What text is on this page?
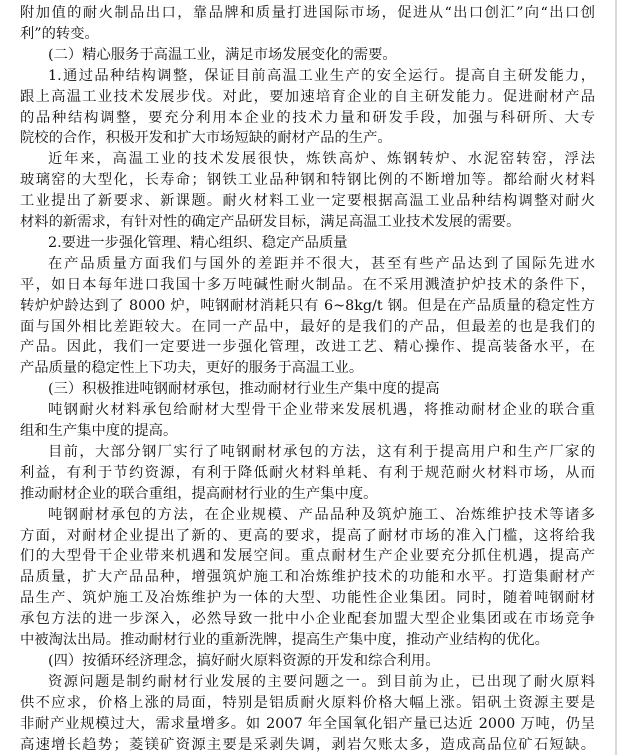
附加值的耐火制品出口，靠品牌和质量打进国际市场，促进从“出口创汇”向“出口创
利”的转变。
(二）精心服务于高温工业，满足市场发展变化的需要。
1.通过品种结构调整，保证目前高温工业生产的安全运行。提高自主研发能力，
跟上高温工业技术发展步伐。对此，要加速培育企业的自主研发能力。促进耐材产品
的品种结构调整，要充分利用本企业的技术力量和研发手段，加强与科研所、大专
院校的合作，积极开发和扩大市场短缺的耐材产品的生产。
近年来，高温工业的技术发展很快，炼铁高炉、炼钢转炉、水泥窑转窑，浮法
玻璃窑的大型化，长寿命；钢铁工业品种钢和特钢比例的不断增加等。都给耐火材料
工业提出了新要求、新课题。耐火材料工业一定要根据高温工业品种结构调整对耐火
材料的新需求，有针对性的确定产品研发目标，满足高温工业技术发展的需要。
2.要进一步强化管理、精心组织、稳定产品质量
在产品质量方面我们与国外的差距并不很大，甚至有些产品达到了国际先进水
平，如日本每年进口我国十多万吨碱性耐火制品。在不采用溅渣护炉技术的条件下，
转炉炉龄达到了 8000 炉，吨钢耐材消耗只有 6~8kg/t 钢。但是在产品质量的稳定性方
面与国外相比差距较大。在同一产品中，最好的是我们的产品，但最差的也是我们的
产品。因此，我们一定要进一步强化管理，改进工艺、精心操作、提高装备水平，在
产品质量的稳定性上下功夫，更好的服务于高温工业。
(三）积极推进吨钢耐材承包，推动耐材行业生产集中度的提高
吨钢耐火材料承包给耐材大型骨干企业带来发展机遇，将推动耐材企业的联合重
组和生产集中度的提高。
目前，大部分钢厂实行了吨钢耐材承包的方法，这有利于提高用户和生产厂家的
利益，有利于节约资源，有利于降低耐火材料单耗、有利于规范耐火材料市场，从而
推动耐材企业的联合重组，提高耐材行业的生产集中度。
吨钢耐材承包的方法，在企业规模、产品品种及筑炉施工、冶炼维护技术等诸多
方面，对耐材企业提出了新的、更高的要求，提高了耐材市场的准入门槛，这将给我
们的大型骨干企业带来机遇和发展空间。重点耐材生产企业要充分抓住机遇，提高产
品质量，扩大产品品种，增强筑炉施工和冶炼维护技术的功能和水平。打造集耐材产
品生产、筑炉施工及冶炼维护为一体的大型、功能性企业集团。同时，随着吨钢耐材
承包方法的进一步深入，必然导致一批中小企业配套加盟大型企业集团或在市场竞争
中被淘汰出局。推动耐材行业的重新洗牌，提高生产集中度，推动产业结构的优化。
(四）按循环经济理念，搞好耐火原料资源的开发和综合利用。
资源问题是制约耐材行业发展的主要问题之一。到目前为止，已出现了耐火原料
供不应求，价格上涨的局面，特别是铝质耐火原料价格大幅上涨。铝矾土资源主要是
非耐产业规模过大，需求量增多。如 2007 年全国氧化铝产量已达近 2000 万吨，仍呈
高速增长趋势；菱镁矿资源主要是采剥失调，剥岩欠账太多，造成高品位矿石短缺。
